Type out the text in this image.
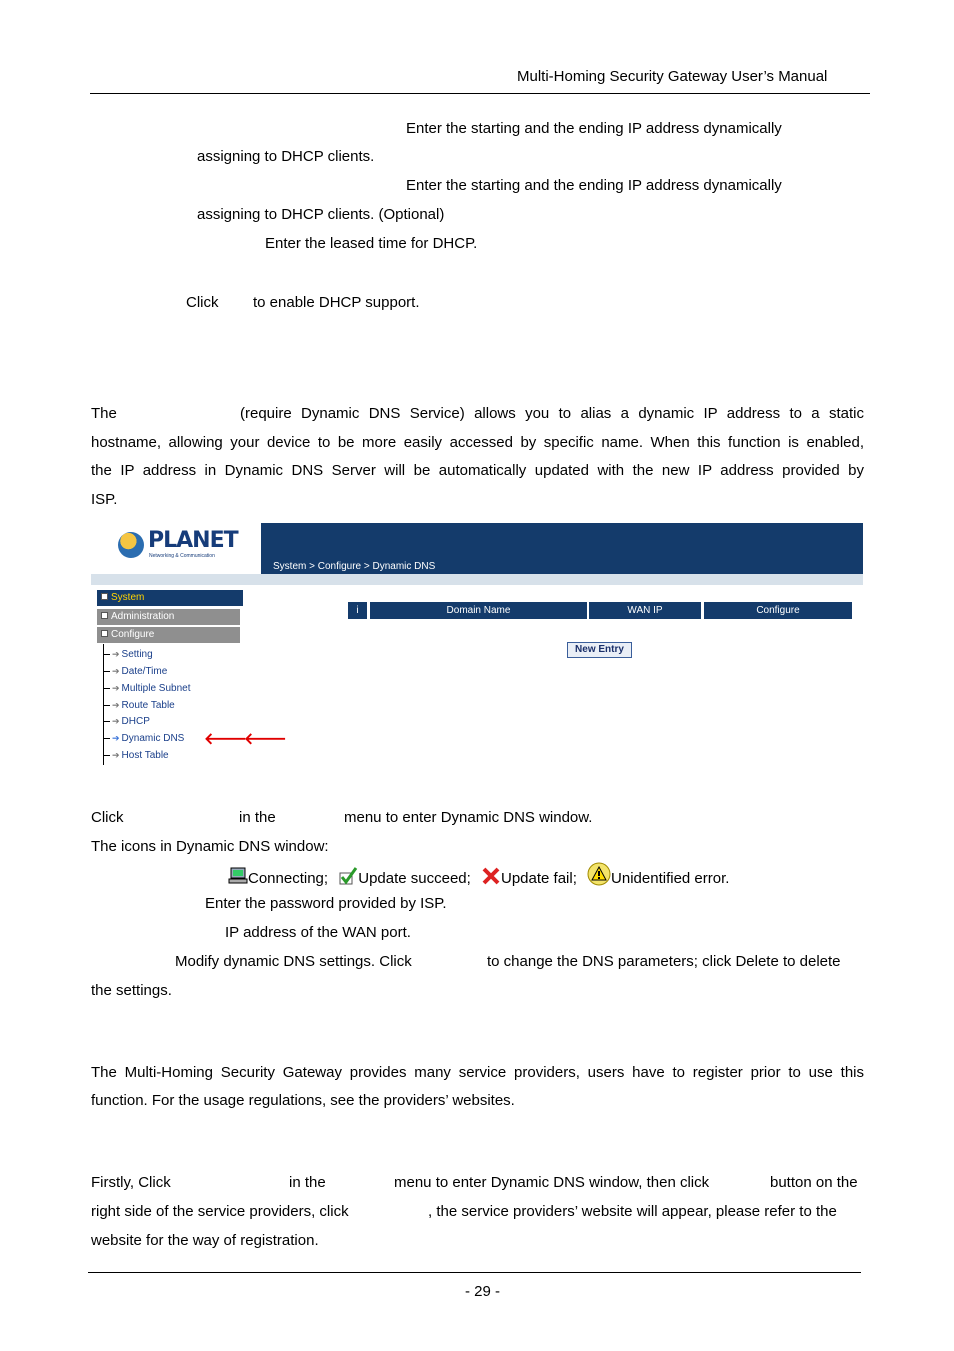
Multi-Homing Security Gateway User’s Manual
Enter the starting and the ending IP address dynamically
assigning to DHCP clients.
Enter the starting and the ending IP address dynamically
assigning to DHCP clients. (Optional)
Enter the leased time for DHCP.
Click to enable DHCP support.
The	(require Dynamic DNS Service) allows you to alias a dynamic IP address to a static
hostname, allowing your device to be more easily accessed by specific name. When this function is enabled,
the IP address in Dynamic DNS Server will be automatically updated with the new IP address provided by
ISP.
PLANET
Networking & Communication
System > Configure > Dynamic DNS
System
Administration
Configure
➔ Setting
➔ Date/Time
➔ Multiple Subnet
➔ Route Table
➔ DHCP
➔ Dynamic DNS
➔ Host Table
🡐🡐
i	Domain Name	WAN IP	Configure
New Entry
Click	in the	menu to enter Dynamic DNS window.
The icons in Dynamic DNS window:
Connecting; Update succeed; Update fail; Unidentified error.
Enter the password provided by ISP.
IP address of the WAN port.
Modify dynamic DNS settings. Click	to change the DNS parameters; click Delete to delete
the settings.
The Multi-Homing Security Gateway provides many service providers, users have to register prior to use this
function. For the usage regulations, see the providers’ websites.
Firstly, Click	in the	menu to enter Dynamic DNS window, then click	button on the
right side of the service providers, click	, the service providers’ website will appear, please refer to the
website for the way of registration.
- 29 -
